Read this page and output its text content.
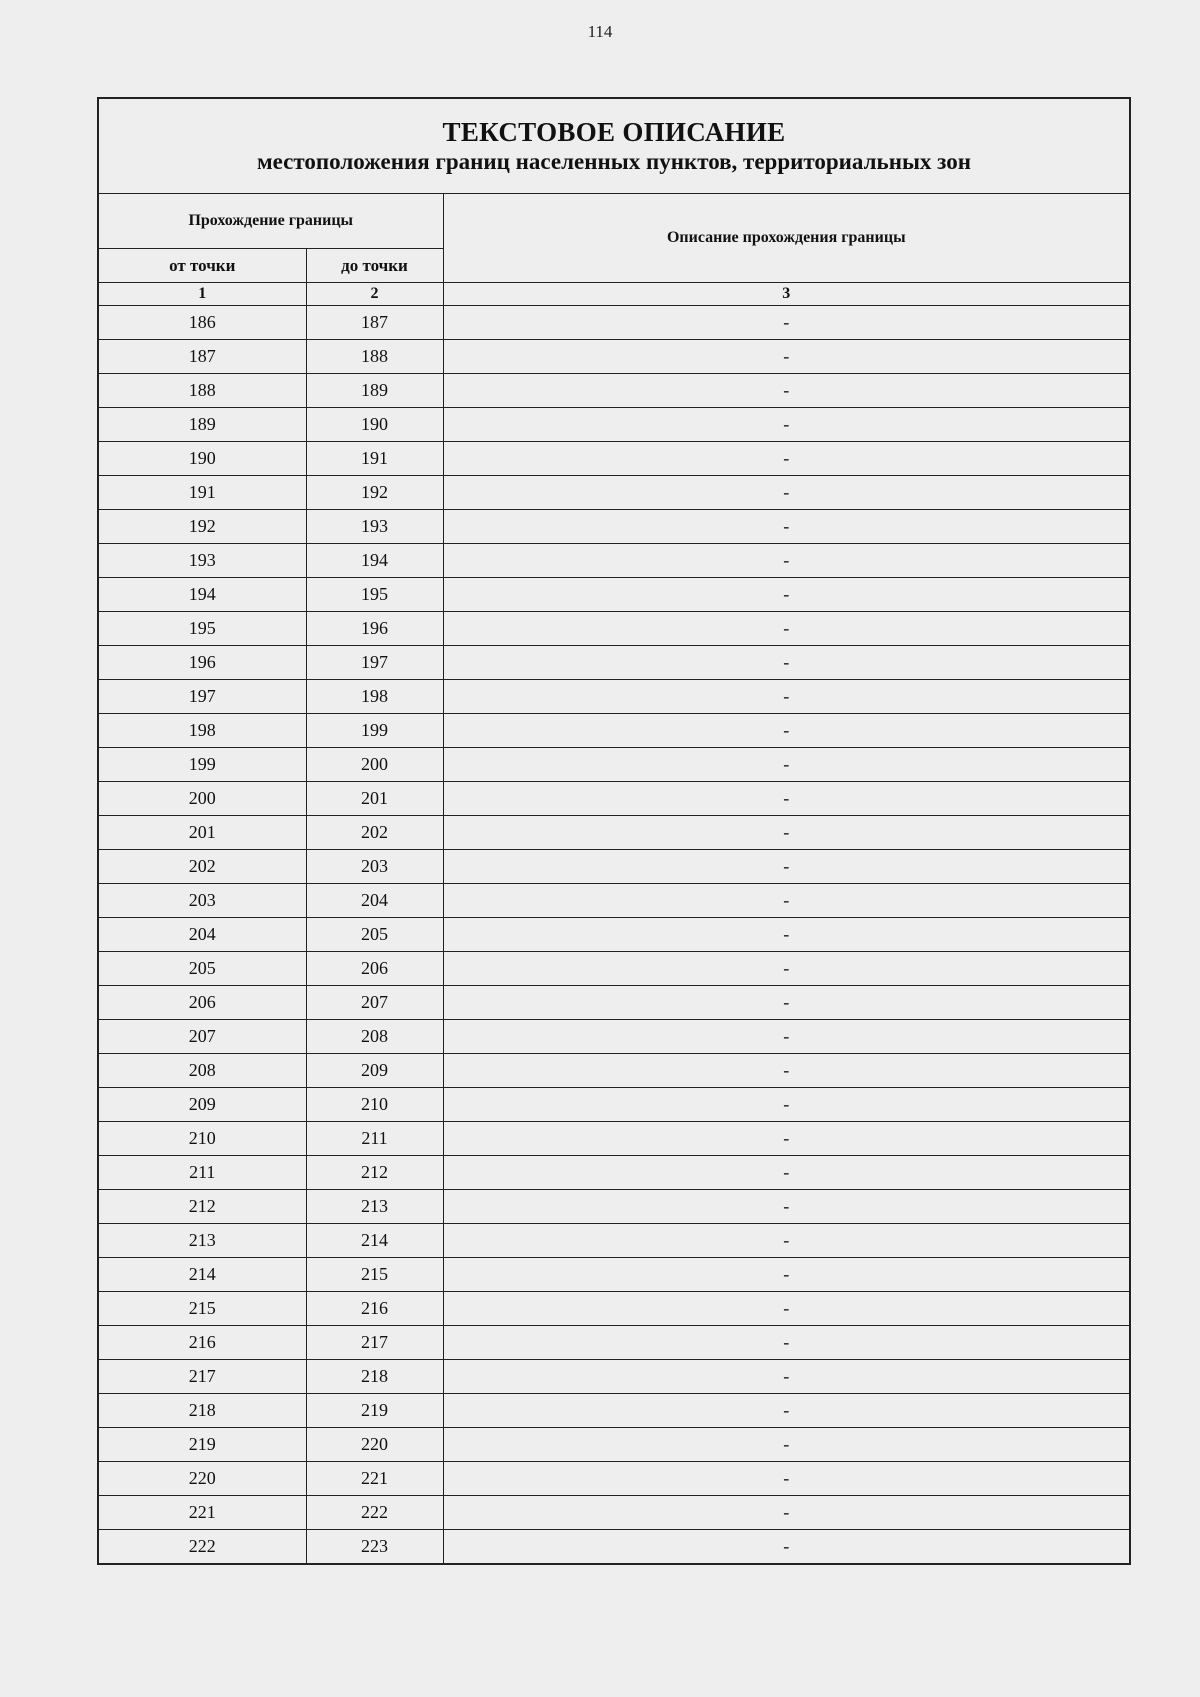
114
ТЕКСТОВОЕ ОПИСАНИЕ
местоположения границ населенных пунктов, территориальных зон		

Прохождение границы		Описание прохождения границы
от точки	до точки	
1	2	3
186	187	-
187	188	-
188	189	-
189	190	-
190	191	-
191	192	-
192	193	-
193	194	-
194	195	-
195	196	-
196	197	-
197	198	-
198	199	-
199	200	-
200	201	-
201	202	-
202	203	-
203	204	-
204	205	-
205	206	-
206	207	-
207	208	-
208	209	-
209	210	-
210	211	-
211	212	-
212	213	-
213	214	-
214	215	-
215	216	-
216	217	-
217	218	-
218	219	-
219	220	-
220	221	-
221	222	-
222	223	-
